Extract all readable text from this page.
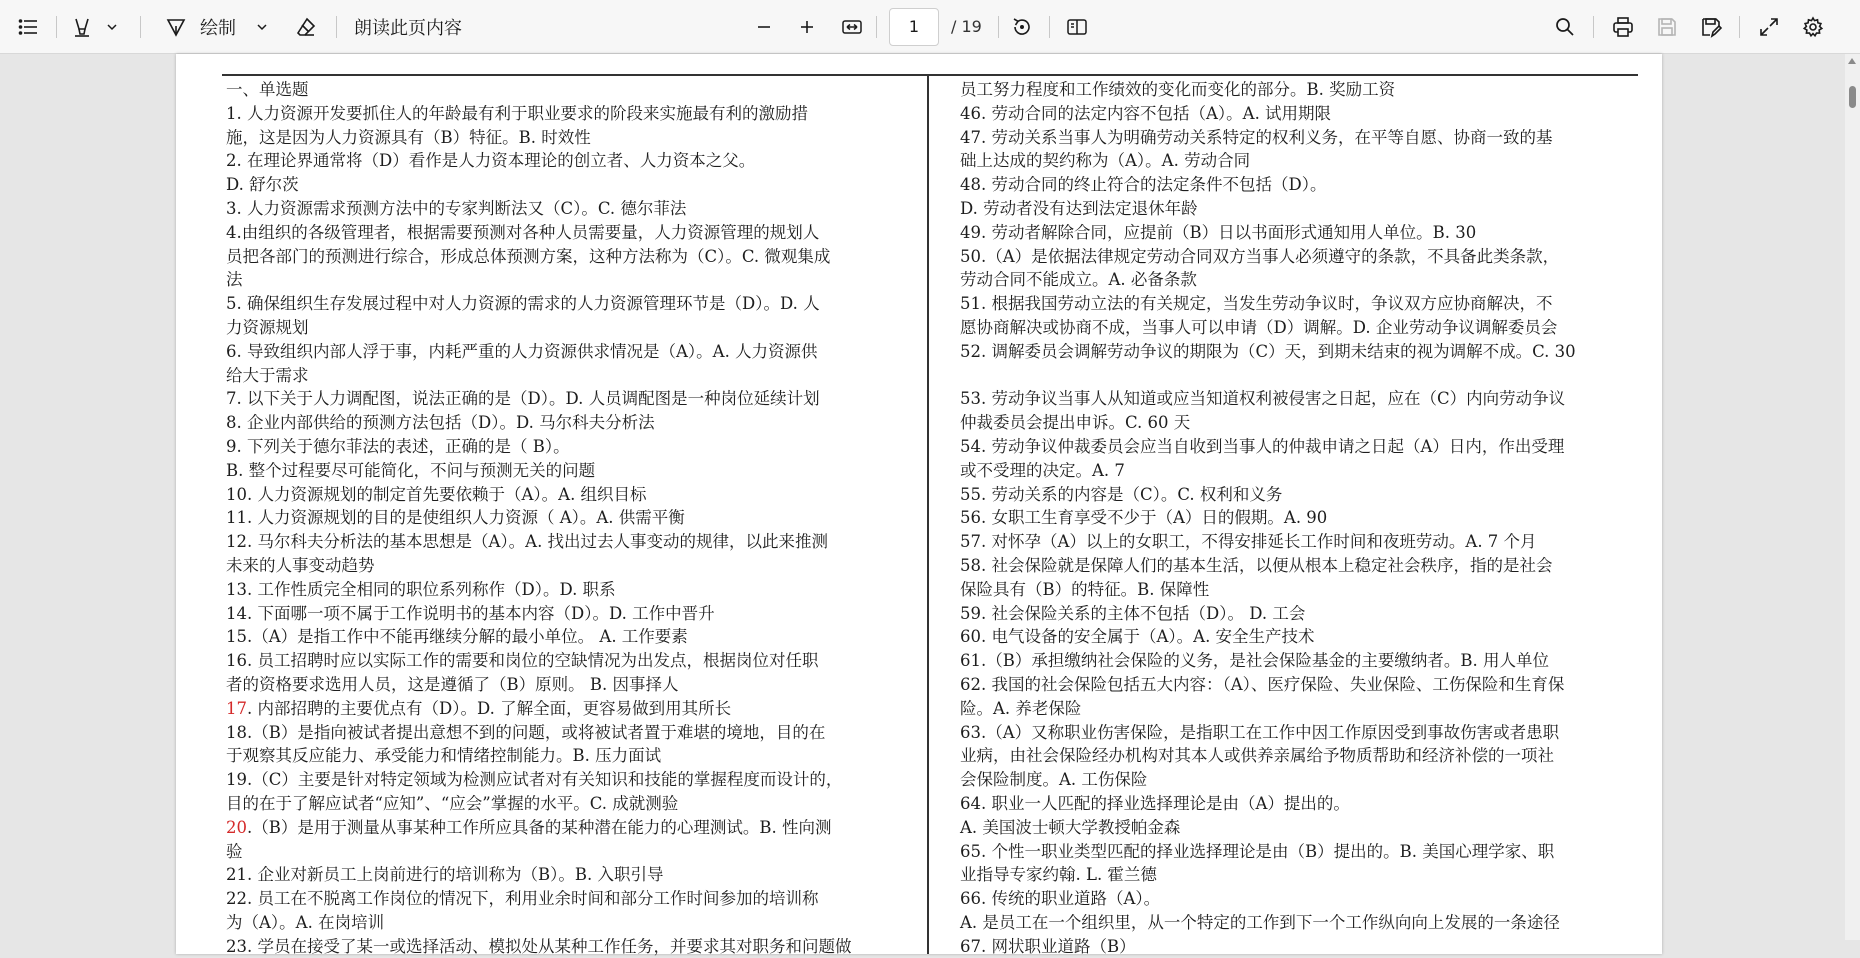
绘制	朗读此页内容	1	/ 19
一、单选题
1. 人力资源开发要抓住人的年龄最有利于职业要求的阶段来实施最有利的激励措
施，这是因为人力资源具有（B）特征。B. 时效性
2. 在理论界通常将（D）看作是人力资本理论的创立者、人力资本之父。
D. 舒尔茨
3. 人力资源需求预测方法中的专家判断法又（C）。C. 德尔菲法
4.由组织的各级管理者，根据需要预测对各种人员需要量，人力资源管理的规划人
员把各部门的预测进行综合，形成总体预测方案，这种方法称为（C）。C. 微观集成
法
5. 确保组织生存发展过程中对人力资源的需求的人力资源管理环节是（D）。D. 人
力资源规划
6. 导致组织内部人浮于事，内耗严重的人力资源供求情况是（A）。A. 人力资源供
给大于需求
7. 以下关于人力调配图，说法正确的是（D）。D. 人员调配图是一种岗位延续计划
8. 企业内部供给的预测方法包括（D）。D. 马尔科夫分析法
9. 下列关于德尔菲法的表述，正确的是（ B）。
B. 整个过程要尽可能简化，不问与预测无关的问题
10. 人力资源规划的制定首先要依赖于（A）。A. 组织目标
11. 人力资源规划的目的是使组织人力资源（ A）。A. 供需平衡
12. 马尔科夫分析法的基本思想是（A）。A. 找出过去人事变动的规律，以此来推测
未来的人事变动趋势
13. 工作性质完全相同的职位系列称作（D）。D. 职系
14. 下面哪一项不属于工作说明书的基本内容（D）。D. 工作中晋升
15.（A）是指工作中不能再继续分解的最小单位。 A. 工作要素
16. 员工招聘时应以实际工作的需要和岗位的空缺情况为出发点，根据岗位对任职
者的资格要求选用人员，这是遵循了（B）原则。 B. 因事择人
17. 内部招聘的主要优点有（D）。D. 了解全面，更容易做到用其所长
18.（B）是指向被试者提出意想不到的问题，或将被试者置于难堪的境地，目的在
于观察其反应能力、承受能力和情绪控制能力。B. 压力面试
19.（C）主要是针对特定领域为检测应试者对有关知识和技能的掌握程度而设计的，
目的在于了解应试者“应知”、“应会”掌握的水平。C. 成就测验
20.（B）是用于测量从事某种工作所应具备的某种潜在能力的心理测试。B. 性向测
验
21. 企业对新员工上岗前进行的培训称为（B）。B. 入职引导
22. 员工在不脱离工作岗位的情况下，利用业余时间和部分工作时间参加的培训称
为（A）。A. 在岗培训
23. 学员在接受了某一或选择活动、模拟处从某种工作任务，并要求其对职务和问题做
员工努力程度和工作绩效的变化而变化的部分。B. 奖励工资
46. 劳动合同的法定内容不包括（A）。A. 试用期限
47. 劳动关系当事人为明确劳动关系特定的权利义务，在平等自愿、协商一致的基
础上达成的契约称为（A）。A. 劳动合同
48. 劳动合同的终止符合的法定条件不包括（D）。
D. 劳动者没有达到法定退休年龄
49. 劳动者解除合同，应提前（B）日以书面形式通知用人单位。B. 30
50.（A）是依据法律规定劳动合同双方当事人必须遵守的条款，不具备此类条款，
劳动合同不能成立。A. 必备条款
51. 根据我国劳动立法的有关规定，当发生劳动争议时，争议双方应协商解决，不
愿协商解决或协商不成，当事人可以申请（D）调解。D. 企业劳动争议调解委员会
52. 调解委员会调解劳动争议的期限为（C）天，到期未结束的视为调解不成。C. 30
53. 劳动争议当事人从知道或应当知道权利被侵害之日起，应在（C）内向劳动争议
仲裁委员会提出申诉。C. 60 天
54. 劳动争议仲裁委员会应当自收到当事人的仲裁申请之日起（A）日内，作出受理
或不受理的决定。A. 7
55. 劳动关系的内容是（C）。C. 权利和义务
56. 女职工生育享受不少于（A）日的假期。A. 90
57. 对怀孕（A）以上的女职工，不得安排延长工作时间和夜班劳动。A. 7 个月
58. 社会保险就是保障人们的基本生活，以便从根本上稳定社会秩序，指的是社会
保险具有（B）的特征。B. 保障性
59. 社会保险关系的主体不包括（D）。 D. 工会
60. 电气设备的安全属于（A）。A. 安全生产技术
61.（B）承担缴纳社会保险的义务，是社会保险基金的主要缴纳者。B. 用人单位
62. 我国的社会保险包括五大内容：（A）、医疗保险、失业保险、工伤保险和生育保
险。A. 养老保险
63.（A）又称职业伤害保险，是指职工在工作中因工作原因受到事故伤害或者患职
业病，由社会保险经办机构对其本人或供养亲属给予物质帮助和经济补偿的一项社
会保险制度。A. 工伤保险
64. 职业一人匹配的择业选择理论是由（A）提出的。
A. 美国波士顿大学教授帕金森
65. 个性一职业类型匹配的择业选择理论是由（B）提出的。B. 美国心理学家、职
业指导专家约翰. L. 霍兰德
66. 传统的职业道路（A）。
A. 是员工在一个组织里，从一个特定的工作到下一个工作纵向向上发展的一条途径
67. 网状职业道路（B）
